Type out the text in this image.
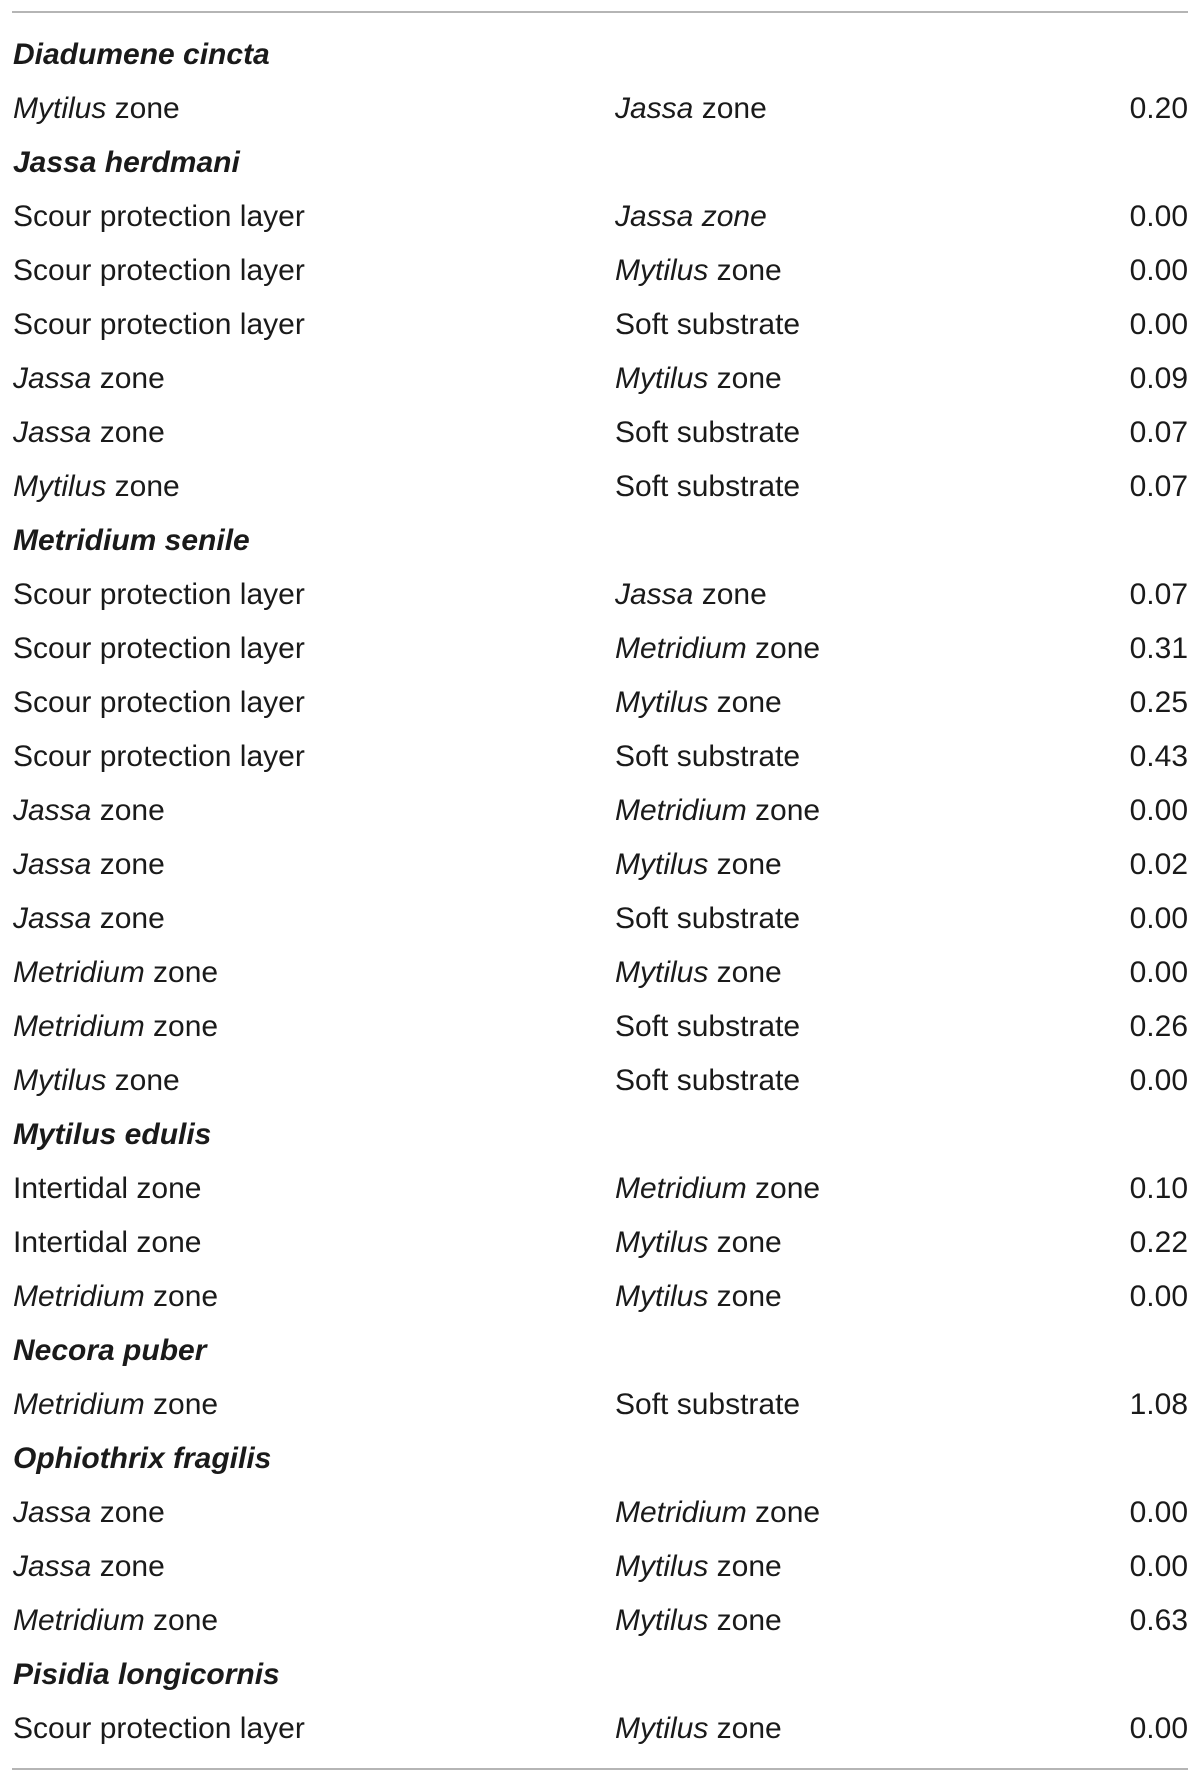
Diadumene cincta
Mytilus zone	Jassa zone	0.20
Jassa herdmani
Scour protection layer	Jassa zone	0.00
Scour protection layer	Mytilus zone	0.00
Scour protection layer	Soft substrate	0.00
Jassa zone	Mytilus zone	0.09
Jassa zone	Soft substrate	0.07
Mytilus zone	Soft substrate	0.07
Metridium senile
Scour protection layer	Jassa zone	0.07
Scour protection layer	Metridium zone	0.31
Scour protection layer	Mytilus zone	0.25
Scour protection layer	Soft substrate	0.43
Jassa zone	Metridium zone	0.00
Jassa zone	Mytilus zone	0.02
Jassa zone	Soft substrate	0.00
Metridium zone	Mytilus zone	0.00
Metridium zone	Soft substrate	0.26
Mytilus zone	Soft substrate	0.00
Mytilus edulis
Intertidal zone	Metridium zone	0.10
Intertidal zone	Mytilus zone	0.22
Metridium zone	Mytilus zone	0.00
Necora puber
Metridium zone	Soft substrate	1.08
Ophiothrix fragilis
Jassa zone	Metridium zone	0.00
Jassa zone	Mytilus zone	0.00
Metridium zone	Mytilus zone	0.63
Pisidia longicornis
Scour protection layer	Mytilus zone	0.00
